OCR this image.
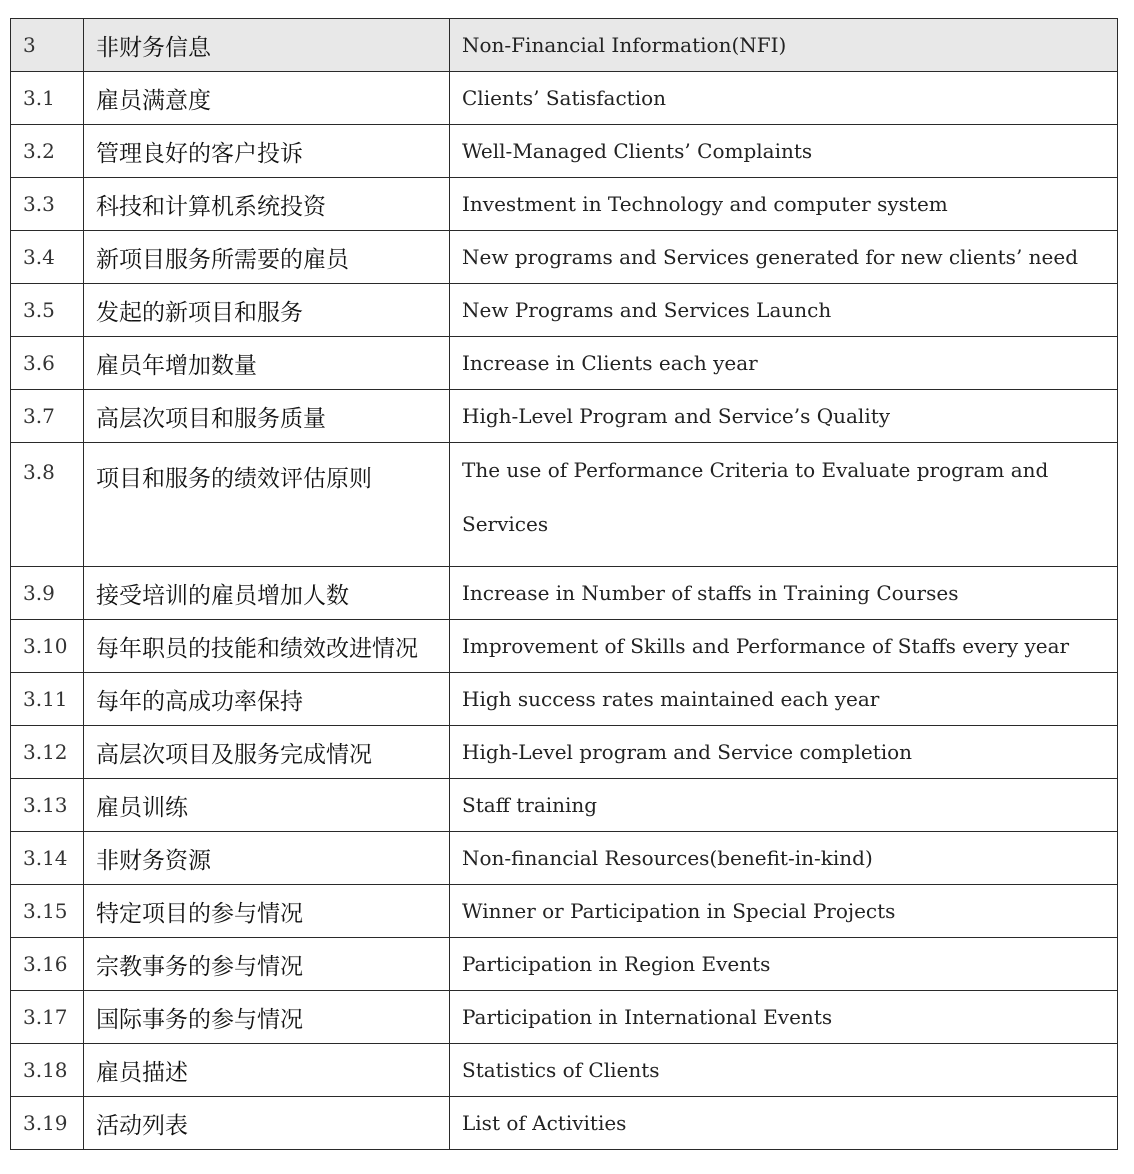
3	非财务信息	Non-Financial Information(NFI)
3.1	雇员满意度	Clients’ Satisfaction
3.2	管理良好的客户投诉	Well-Managed Clients’ Complaints
3.3	科技和计算机系统投资	Investment in Technology and computer system
3.4	新项目服务所需要的雇员	New programs and Services generated for new clients’ need
3.5	发起的新项目和服务	New Programs and Services Launch
3.6	雇员年增加数量	Increase in Clients each year
3.7	高层次项目和服务质量	High-Level Program and Service’s Quality
3.8	项目和服务的绩效评估原则	The use of Performance Criteria to Evaluate program and Services
3.9	接受培训的雇员增加人数	Increase in Number of staffs in Training Courses
3.10	每年职员的技能和绩效改进情况	Improvement of Skills and Performance of Staffs every year
3.11	每年的高成功率保持	High success rates maintained each year
3.12	高层次项目及服务完成情况	High-Level program and Service completion
3.13	雇员训练	Staff training
3.14	非财务资源	Non-financial Resources(benefit-in-kind)
3.15	特定项目的参与情况	Winner or Participation in Special Projects
3.16	宗教事务的参与情况	Participation in Region Events
3.17	国际事务的参与情况	Participation in International Events
3.18	雇员描述	Statistics of Clients
3.19	活动列表	List of Activities
